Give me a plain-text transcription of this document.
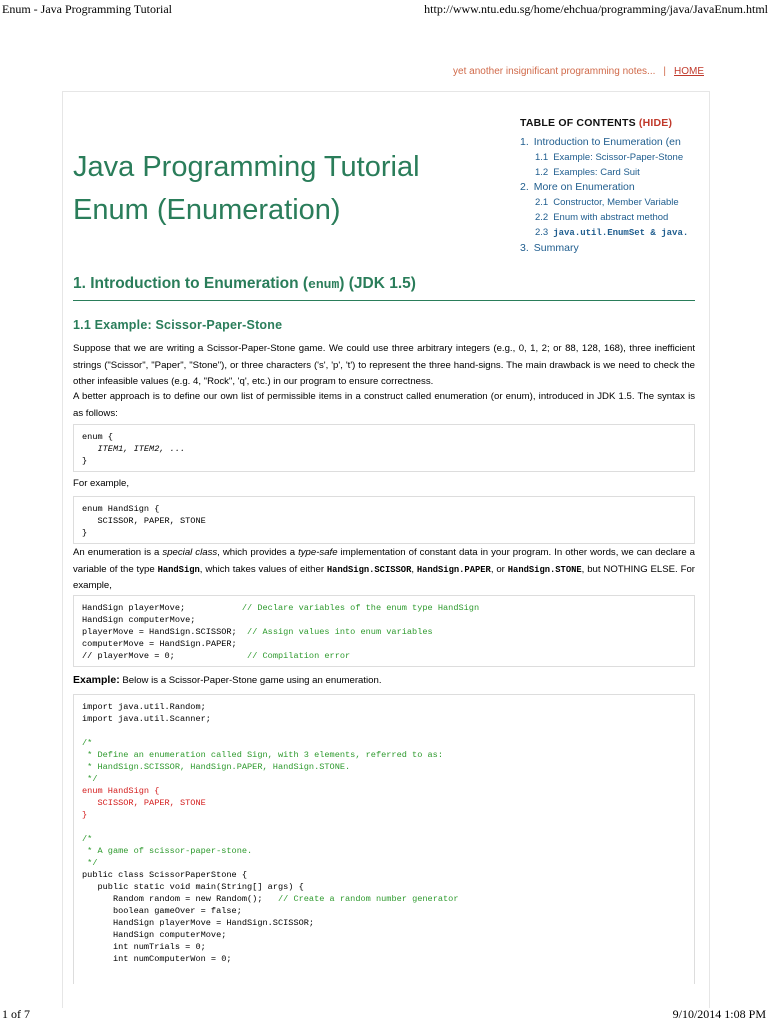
Enum - Java Programming Tutorial	http://www.ntu.edu.sg/home/ehchua/programming/java/JavaEnum.html
yet another insignificant programming notes... | HOME
TABLE OF CONTENTS (HIDE)
1. Introduction to Enumeration (en
1.1 Example: Scissor-Paper-Stone
1.2 Examples: Card Suit
2. More on Enumeration
2.1 Constructor, Member Variable
2.2 Enum with abstract method
2.3 java.util.EnumSet & java.
3. Summary
Java Programming Tutorial
Enum (Enumeration)
1. Introduction to Enumeration (enum) (JDK 1.5)
1.1 Example: Scissor-Paper-Stone
Suppose that we are writing a Scissor-Paper-Stone game. We could use three arbitrary integers (e.g., 0, 1, 2; or 88, 128, 168), three inefficient strings ("Scissor", "Paper", "Stone"), or three characters ('s', 'p', 't') to represent the three hand-signs. The main drawback is we need to check the other infeasible values (e.g. 4, "Rock", 'q', etc.) in our program to ensure correctness.
A better approach is to define our own list of permissible items in a construct called enumeration (or enum), introduced in JDK 1.5. The syntax is as follows:
enum {
ITEM1, ITEM2, ...
}
For example,
enum HandSign {
SCISSOR, PAPER, STONE
}
An enumeration is a special class, which provides a type-safe implementation of constant data in your program. In other words, we can declare a variable of the type HandSign, which takes values of either HandSign.SCISSOR, HandSign.PAPER, or HandSign.STONE, but NOTHING ELSE. For example,
HandSign playerMove;           // Declare variables of the enum type HandSign
HandSign computerMove;
playerMove = HandSign.SCISSOR;  // Assign values into enum variables
computerMove = HandSign.PAPER;
// playerMove = 0;              // Compilation error
Example: Below is a Scissor-Paper-Stone game using an enumeration.
import java.util.Random;
import java.util.Scanner;

/*
* Define an enumeration called Sign, with 3 elements, referred to as:
* HandSign.SCISSOR, HandSign.PAPER, HandSign.STONE.
*/
enum HandSign {
SCISSOR, PAPER, STONE
}

/*
* A game of scissor-paper-stone.
*/
public class ScissorPaperStone {
public static void main(String[] args) {
Random random = new Random();   // Create a random number generator
boolean gameOver = false;
HandSign playerMove = HandSign.SCISSOR;
HandSign computerMove;
int numTrials = 0;
int numComputerWon = 0;
1 of 7	9/10/2014 1:08 PM
